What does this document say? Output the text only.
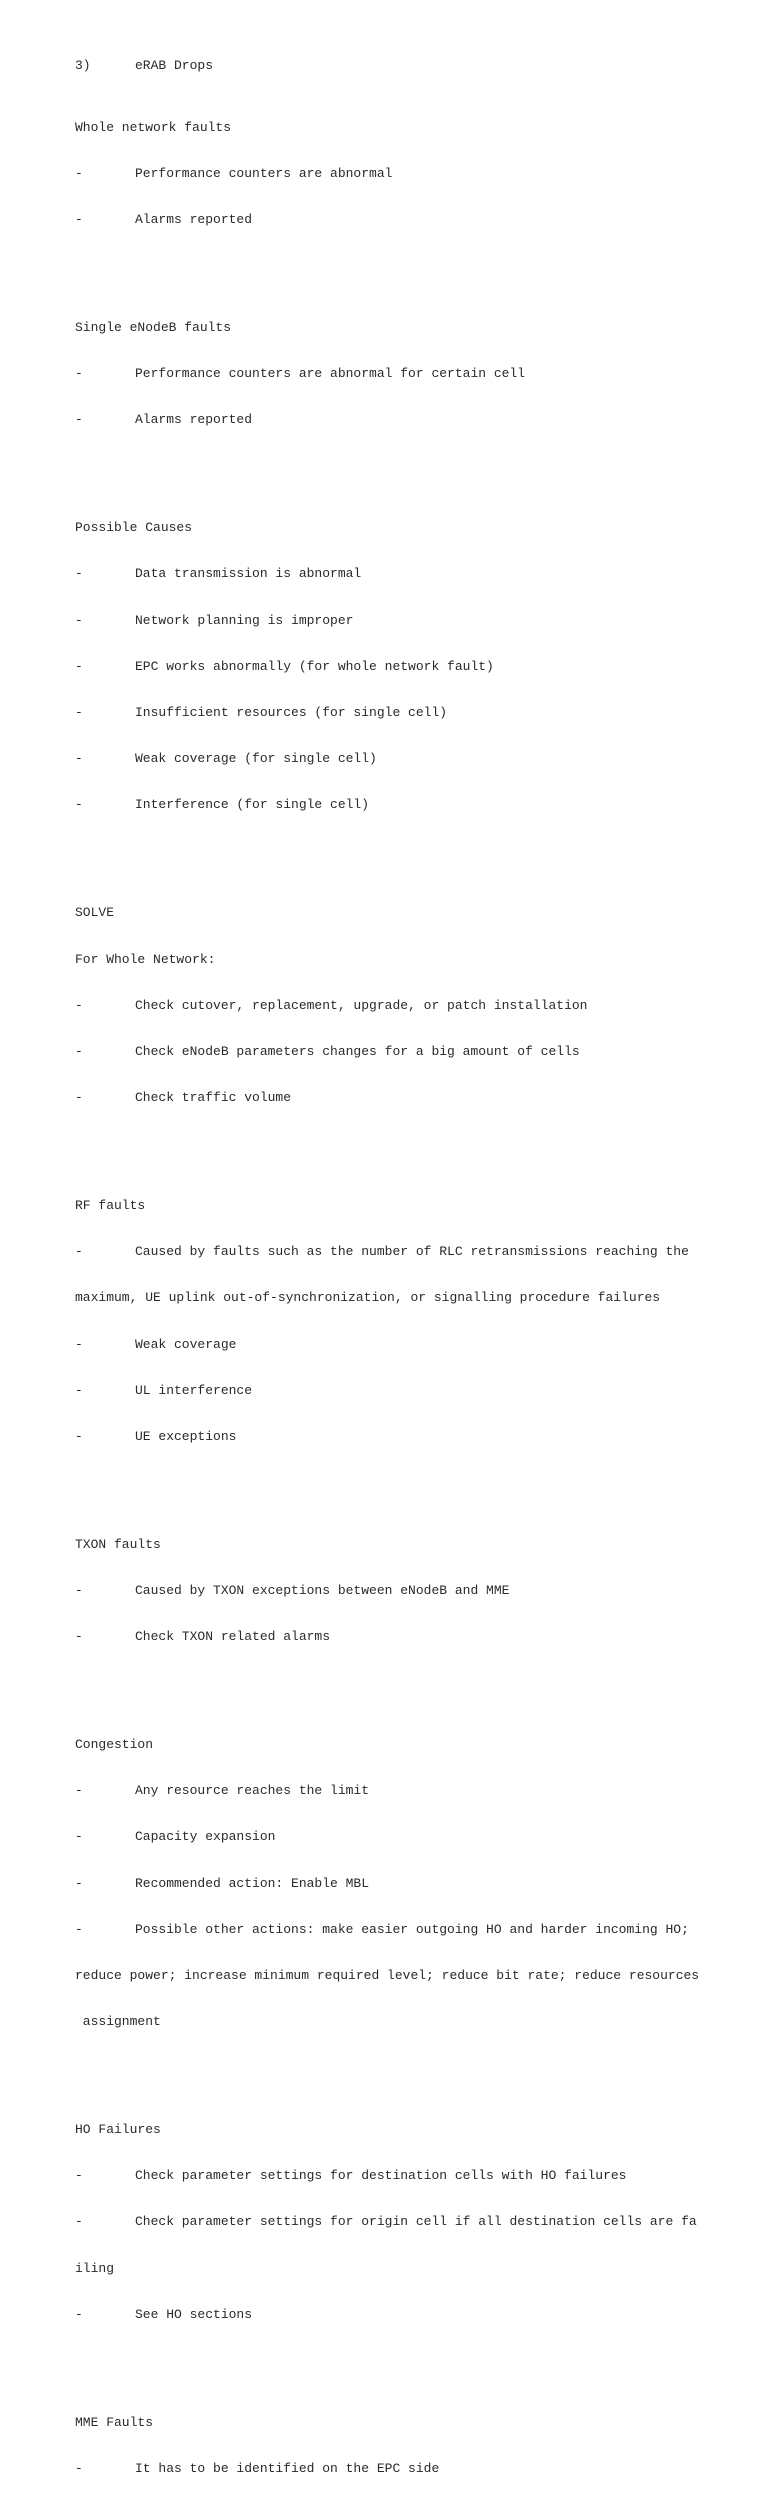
3)	eRAB Drops

Whole network faults

-	Performance counters are abnormal

-	Alarms reported

Single eNodeB faults

-	Performance counters are abnormal for certain cell

-	Alarms reported

Possible Causes

-	Data transmission is abnormal

-	Network planning is improper

-	EPC works abnormally (for whole network fault)

-	Insufficient resources (for single cell)

-	Weak coverage (for single cell)

-	Interference (for single cell)

SOLVE

For Whole Network:

-	Check cutover, replacement, upgrade, or patch installation

-	Check eNodeB parameters changes for a big amount of cells

-	Check traffic volume

RF faults

-	Caused by faults such as the number of RLC retransmissions reaching the

maximum, UE uplink out-of-synchronization, or signalling procedure failures

-	Weak coverage

-	UL interference

-	UE exceptions

TXON faults

-	Caused by TXON exceptions between eNodeB and MME

-	Check TXON related alarms

Congestion

-	Any resource reaches the limit

-	Capacity expansion

-	Recommended action: Enable MBL

-	Possible other actions: make easier outgoing HO and harder incoming HO;

reduce power; increase minimum required level; reduce bit rate; reduce resources

assignment

HO Failures

-	Check parameter settings for destination cells with HO failures

-	Check parameter settings for origin cell if all destination cells are fa

iling

-	See HO sections

MME Faults

-	It has to be identified on the EPC side
